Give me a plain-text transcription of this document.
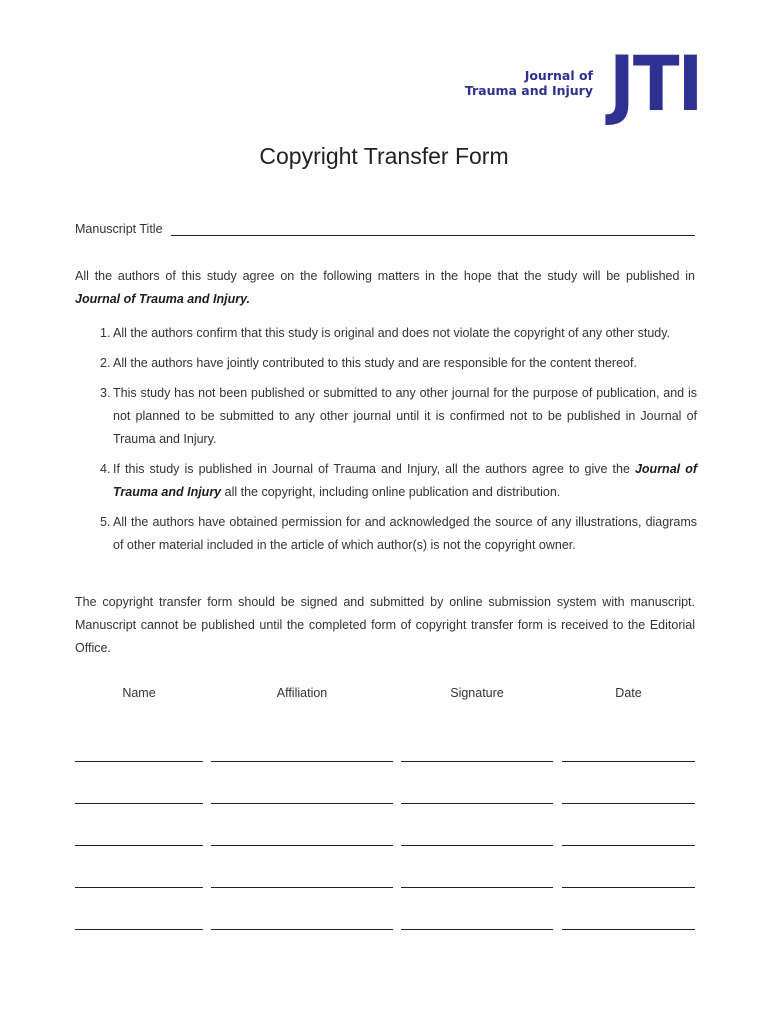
Journal of
Trauma and Injury JTI
Copyright Transfer Form
Manuscript Title
All the authors of this study agree on the following matters in the hope that the study will be published in Journal of Trauma and Injury.
1. All the authors confirm that this study is original and does not violate the copyright of any other study.
2. All the authors have jointly contributed to this study and are responsible for the content thereof.
3. This study has not been published or submitted to any other journal for the purpose of publication, and is not planned to be submitted to any other journal until it is confirmed not to be published in Journal of Trauma and Injury.
4. If this study is published in Journal of Trauma and Injury, all the authors agree to give the Journal of Trauma and Injury all the copyright, including online publication and distribution.
5. All the authors have obtained permission for and acknowledged the source of any illustrations, diagrams of other material included in the article of which author(s) is not the copyright owner.
The copyright transfer form should be signed and submitted by online submission system with manuscript. Manuscript cannot be published until the completed form of copyright transfer form is received to the Editorial Office.
Name	Affiliation	Signature	Date
